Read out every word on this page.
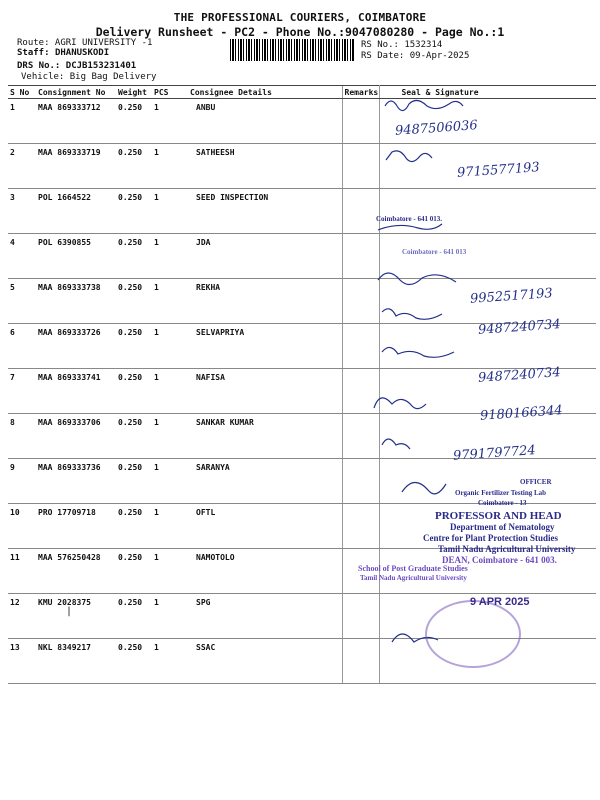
THE PROFESSIONAL COURIERS, COIMBATORE
Delivery Runsheet - PC2 - Phone No.:9047080280 - Page No.:1
Route: AGRI UNIVERSITY -1
Staff: DHANUSKODI
DRS No.: DCJB153231401
Vehicle: Big Bag Delivery
RS No.: 1532314
RS Date: 09-Apr-2025
S No	Consignment No	Weight	PCS	Consignee Details	Remarks	Seal & Signature
1	MAA 869333712	0.250	1	ANBU		
2	MAA 869333719	0.250	1	SATHEESH		
3	POL 1664522	0.250	1	SEED INSPECTION		
4	POL 6390855	0.250	1	JDA		
5	MAA 869333738	0.250	1	REKHA		
6	MAA 869333726	0.250	1	SELVAPRIYA		
7	MAA 869333741	0.250	1	NAFISA		
8	MAA 869333706	0.250	1	SANKAR KUMAR		
9	MAA 869333736	0.250	1	SARANYA		
10	PRO 17709718	0.250	1	OFTL		
11	MAA 576250428	0.250	1	NAMOTOLO		
12	KMU 2028375	0.250	1	SPG		
13	NKL 8349217	0.250	1	SSAC		
9487506036
9715577193
9952517193
9487240734
9487240734
9180166344
9791797724
Coimbatore - 641 013.
Coimbatore - 641 013
OFFICER
Organic Fertilizer Testing Lab
Coimbatore - 13
PROFESSOR AND HEAD
Department of Nematology
Centre for Plant Protection Studies
Tamil Nadu Agricultural University
DEAN, Coimbatore - 641 003.
School of Post Graduate Studies
Tamil Nadu Agricultural University
9 APR 2025
|
